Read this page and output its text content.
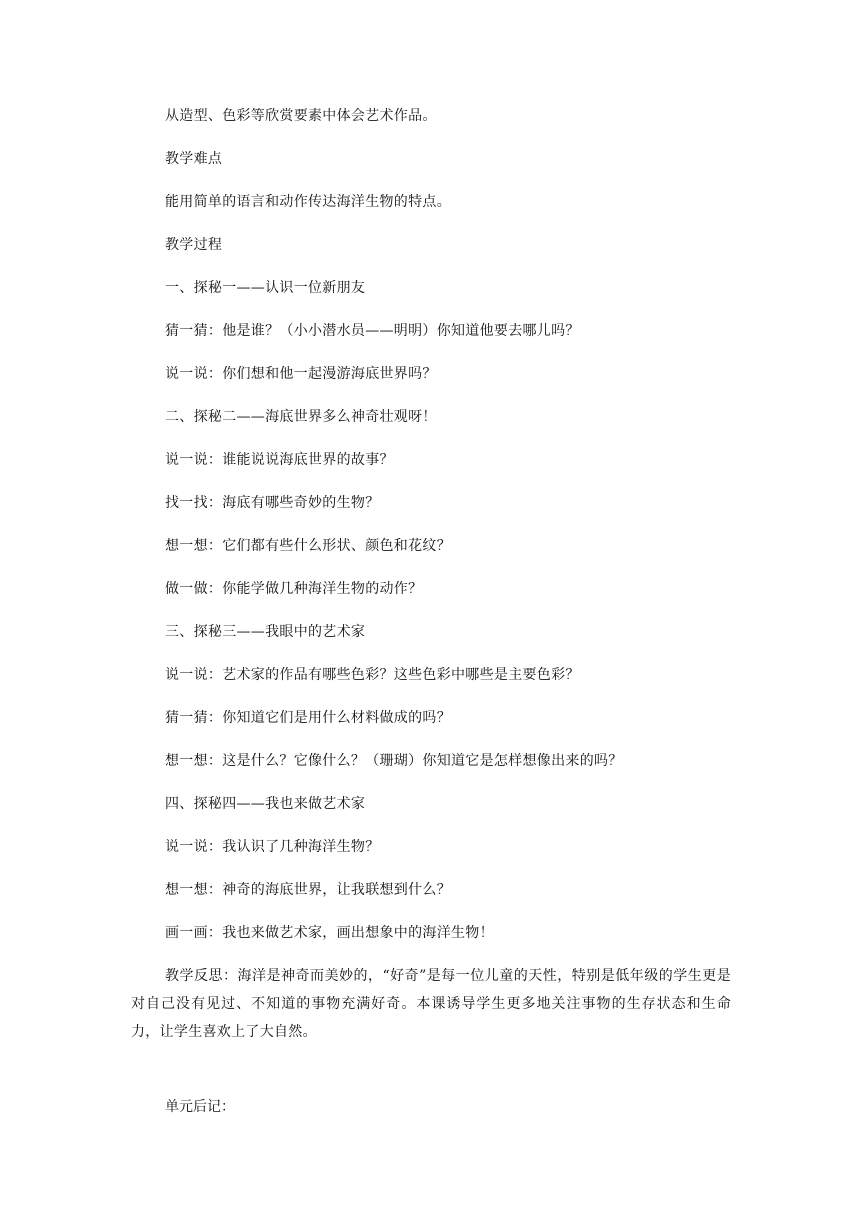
从造型、色彩等欣赏要素中体会艺术作品。
教学难点
能用简单的语言和动作传达海洋生物的特点。
教学过程
一、探秘一——认识一位新朋友
猜一猜：他是谁？（小小潜水员——明明）你知道他要去哪儿吗？
说一说：你们想和他一起漫游海底世界吗？
二、探秘二——海底世界多么神奇壮观呀！
说一说：谁能说说海底世界的故事？
找一找：海底有哪些奇妙的生物？
想一想：它们都有些什么形状、颜色和花纹？
做一做：你能学做几种海洋生物的动作？
三、探秘三——我眼中的艺术家
说一说：艺术家的作品有哪些色彩？这些色彩中哪些是主要色彩？
猜一猜：你知道它们是用什么材料做成的吗？
想一想：这是什么？它像什么？（珊瑚）你知道它是怎样想像出来的吗？
四、探秘四——我也来做艺术家
说一说：我认识了几种海洋生物？
想一想：神奇的海底世界，让我联想到什么？
画一画：我也来做艺术家，画出想象中的海洋生物！
教学反思：海洋是神奇而美妙的，“好奇”是每一位儿童的天性，特别是低年级的学生更是对自己没有见过、不知道的事物充满好奇。本课诱导学生更多地关注事物的生存状态和生命力，让学生喜欢上了大自然。
单元后记：
